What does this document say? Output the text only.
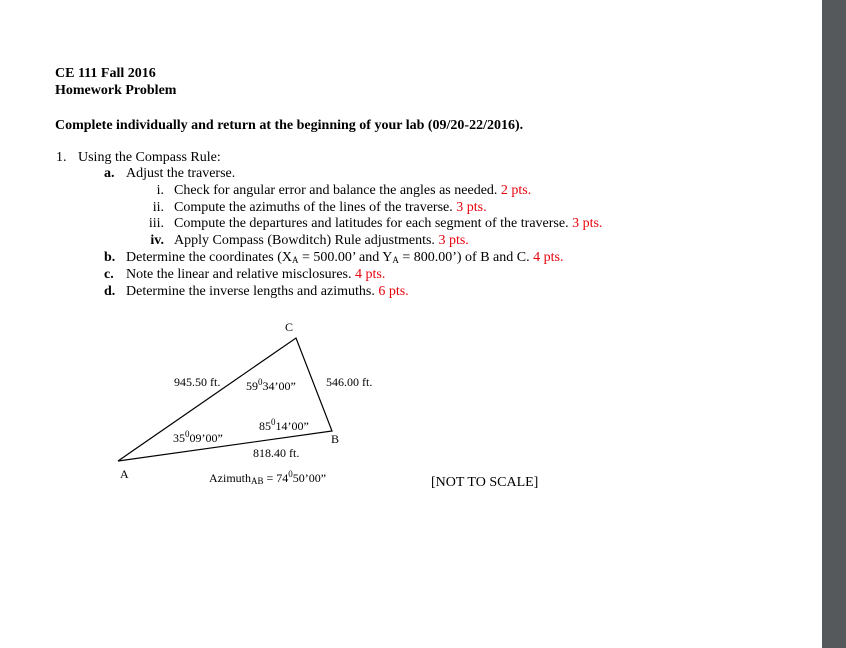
CE 111 Fall 2016
Homework Problem
Complete individually and return at the beginning of your lab (09/20-22/2016).
1. Using the Compass Rule:
a. Adjust the traverse.
i. Check for angular error and balance the angles as needed. 2 pts.
ii. Compute the azimuths of the lines of the traverse. 3 pts.
iii. Compute the departures and latitudes for each segment of the traverse. 3 pts.
iv. Apply Compass (Bowditch) Rule adjustments. 3 pts.
b. Determine the coordinates ($X_A = 500.00$’ and $Y_A$ = 800.00’) of B and C. 4 pts.
c. Note the linear and relative misclosures. 4 pts.
d. Determine the inverse lengths and azimuths. 6 pts.
C
B
A
945.50 ft.	546.00 ft.
818.40 ft.
$59^034’00$”
$85^014’00$”
$35^009’00$”
Azimuth$_{AB}$ = $74^050’00$”	[NOT TO SCALE]
